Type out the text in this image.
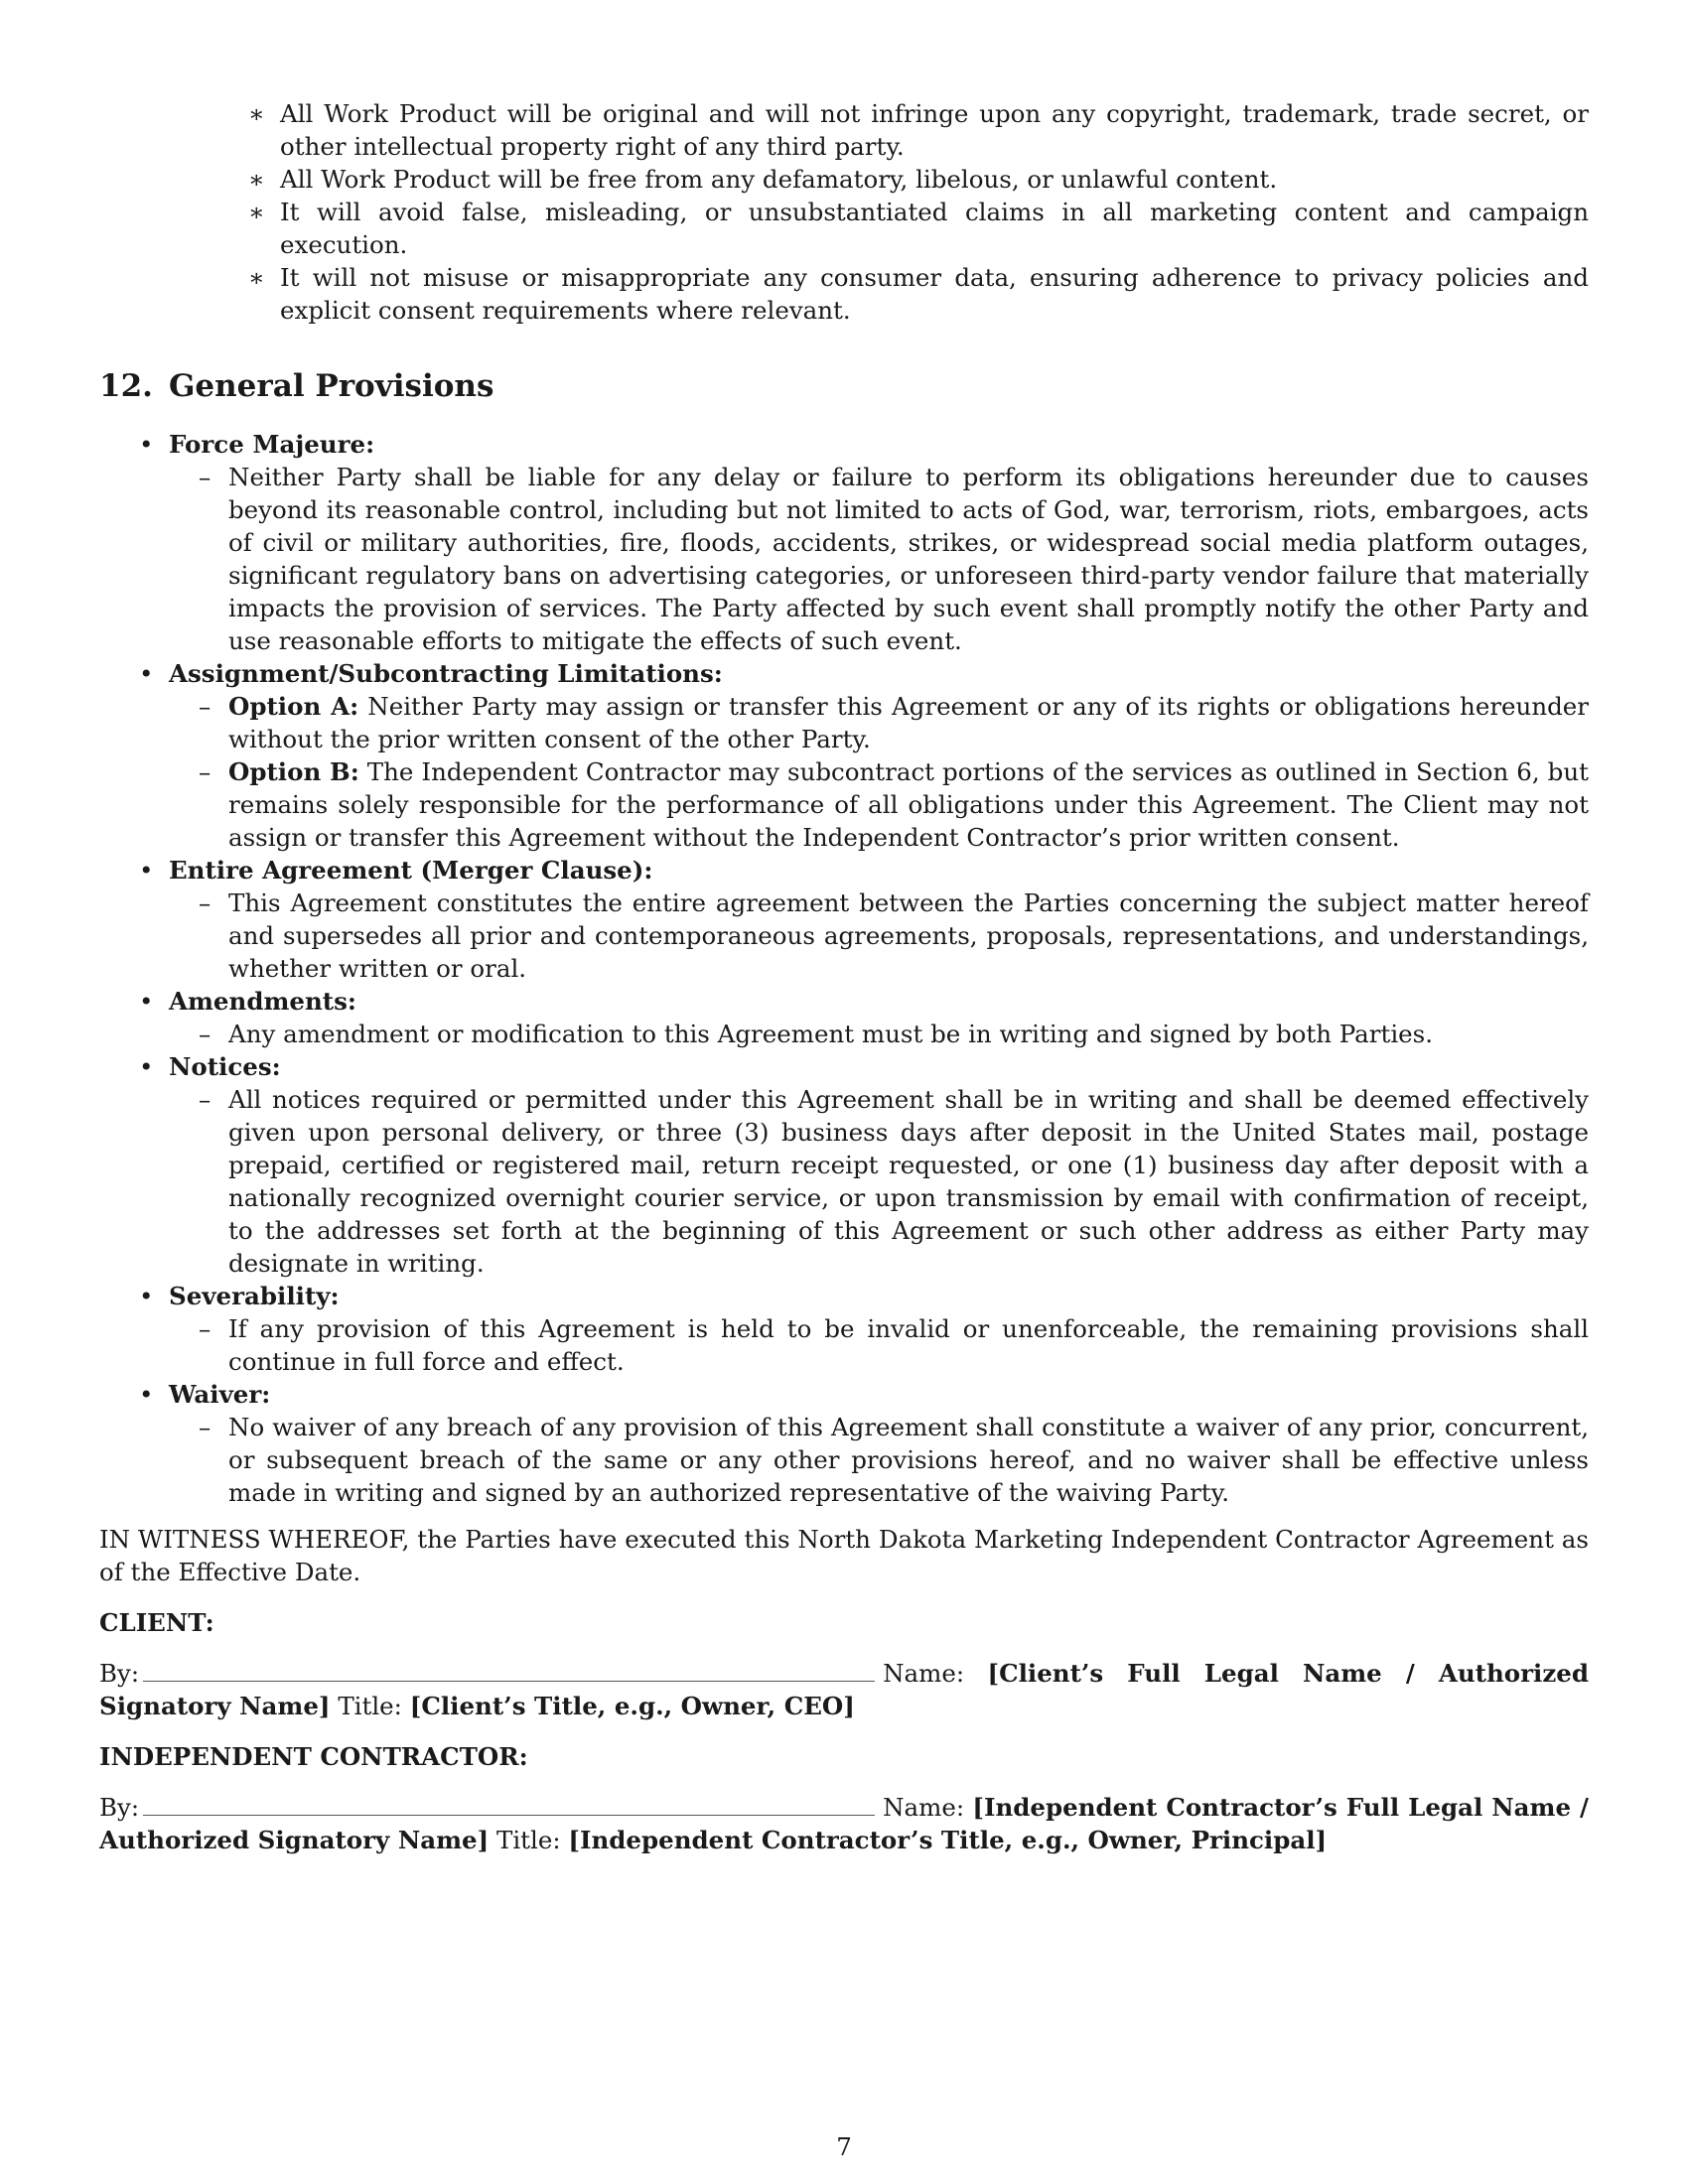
∗ All Work Product will be original and will not infringe upon any copyright, trademark, trade secret, or other intellectual property right of any third party.
∗ All Work Product will be free from any defamatory, libelous, or unlawful content.
∗ It will avoid false, misleading, or unsubstantiated claims in all marketing content and campaign execution.
∗ It will not misuse or misappropriate any consumer data, ensuring adherence to privacy policies and explicit consent requirements where relevant.
12. General Provisions
• Force Majeure:
– Neither Party shall be liable for any delay or failure to perform its obligations hereunder due to causes beyond its reasonable control, including but not limited to acts of God, war, terrorism, riots, embargoes, acts of civil or military authorities, fire, floods, accidents, strikes, or widespread social media platform outages, significant regulatory bans on advertising categories, or unforeseen third-party vendor failure that materially impacts the provision of services. The Party affected by such event shall promptly notify the other Party and use reasonable efforts to mitigate the effects of such event.
• Assignment/Subcontracting Limitations:
– Option A: Neither Party may assign or transfer this Agreement or any of its rights or obligations hereunder without the prior written consent of the other Party.
– Option B: The Independent Contractor may subcontract portions of the services as outlined in Section 6, but remains solely responsible for the performance of all obligations under this Agreement. The Client may not assign or transfer this Agreement without the Independent Contractor’s prior written consent.
• Entire Agreement (Merger Clause):
– This Agreement constitutes the entire agreement between the Parties concerning the subject matter hereof and supersedes all prior and contemporaneous agreements, proposals, representations, and understandings, whether written or oral.
• Amendments:
– Any amendment or modification to this Agreement must be in writing and signed by both Parties.
• Notices:
– All notices required or permitted under this Agreement shall be in writing and shall be deemed effectively given upon personal delivery, or three (3) business days after deposit in the United States mail, postage prepaid, certified or registered mail, return receipt requested, or one (1) business day after deposit with a nationally recognized overnight courier service, or upon transmission by email with confirmation of receipt, to the addresses set forth at the beginning of this Agreement or such other address as either Party may designate in writing.
• Severability:
– If any provision of this Agreement is held to be invalid or unenforceable, the remaining provisions shall continue in full force and effect.
• Waiver:
– No waiver of any breach of any provision of this Agreement shall constitute a waiver of any prior, concurrent, or subsequent breach of the same or any other provisions hereof, and no waiver shall be effective unless made in writing and signed by an authorized representative of the waiving Party.

IN WITNESS WHEREOF, the Parties have executed this North Dakota Marketing Independent Contractor Agreement as of the Effective Date.

CLIENT:
By:	Name: [Client’s Full Legal Name / Authorized Signatory Name] Title: [Client’s Title, e.g., Owner, CEO]
INDEPENDENT CONTRACTOR:
By:	Name: [Independent Contractor’s Full Legal Name / Authorized Signatory Name] Title: [Independent Contractor’s Title, e.g., Owner, Principal]
7
